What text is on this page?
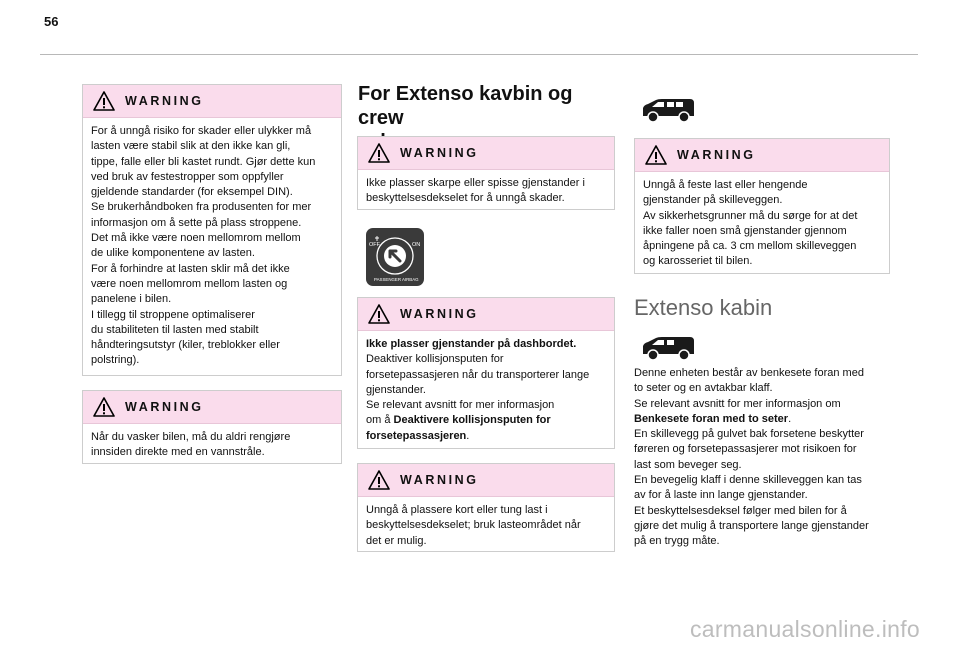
56
WARNING

For å unngå risiko for skader eller ulykker må

lasten være stabil slik at den ikke kan gli,

tippe, falle eller bli kastet rundt. Gjør dette kun

ved bruk av festestropper som oppfyller

gjeldende standarder (for eksempel DIN).

Se brukerhåndboken fra produsenten for mer

informasjon om å sette på plass stroppene.

Det må ikke være noen mellomrom mellom

de ulike komponentene av lasten.

For å forhindre at lasten sklir må det ikke

være noen mellomrom mellom lasten og

panelene i bilen.

I tillegg til stroppene optimaliserer

du stabiliteten til lasten med stabilt

håndteringsutstyr (kiler, treblokker eller

polstring).

WARNING

Når du vasker bilen, må du aldri rengjøre

innsiden direkte med en vannstråle.

For Extenso kavbin og crew
WARNING

Ikke plasser skarpe eller spisse gjenstander i

beskyttelsesdekselet for å unngå skader.

OFF	ON
PASSENGER AIRBAG
WARNING

Ikke plasser gjenstander på dashbordet.

Deaktiver kollisjonsputen for

forsetepassasjeren når du transporterer lange

gjenstander.

Se relevant avsnitt for mer informasjon

om å Deaktivere kollisjonsputen for

forsetepassasjeren.

WARNING

Unngå å plassere kort eller tung last i

beskyttelsesdekselet; bruk lasteområdet når

det er mulig.

WARNING

Unngå å feste last eller hengende

gjenstander på skilleveggen.

Av sikkerhetsgrunner må du sørge for at det

ikke faller noen små gjenstander gjennom

åpningene på ca. 3 cm mellom skilleveggen

og karosseriet til bilen.

Extenso kabin

Denne enheten består av benkesete foran med

to seter og en avtakbar klaff.

Se relevant avsnitt for mer informasjon om

Benkesete foran med to seter.

En skillevegg på gulvet bak forsetene beskytter

føreren og forsetepassasjerer mot risikoen for

last som beveger seg.

En bevegelig klaff i denne skilleveggen kan tas

av for å laste inn lange gjenstander.

Et beskyttelsesdeksel følger med bilen for å

gjøre det mulig å transportere lange gjenstander

på en trygg måte.

carmanualsonline.info
